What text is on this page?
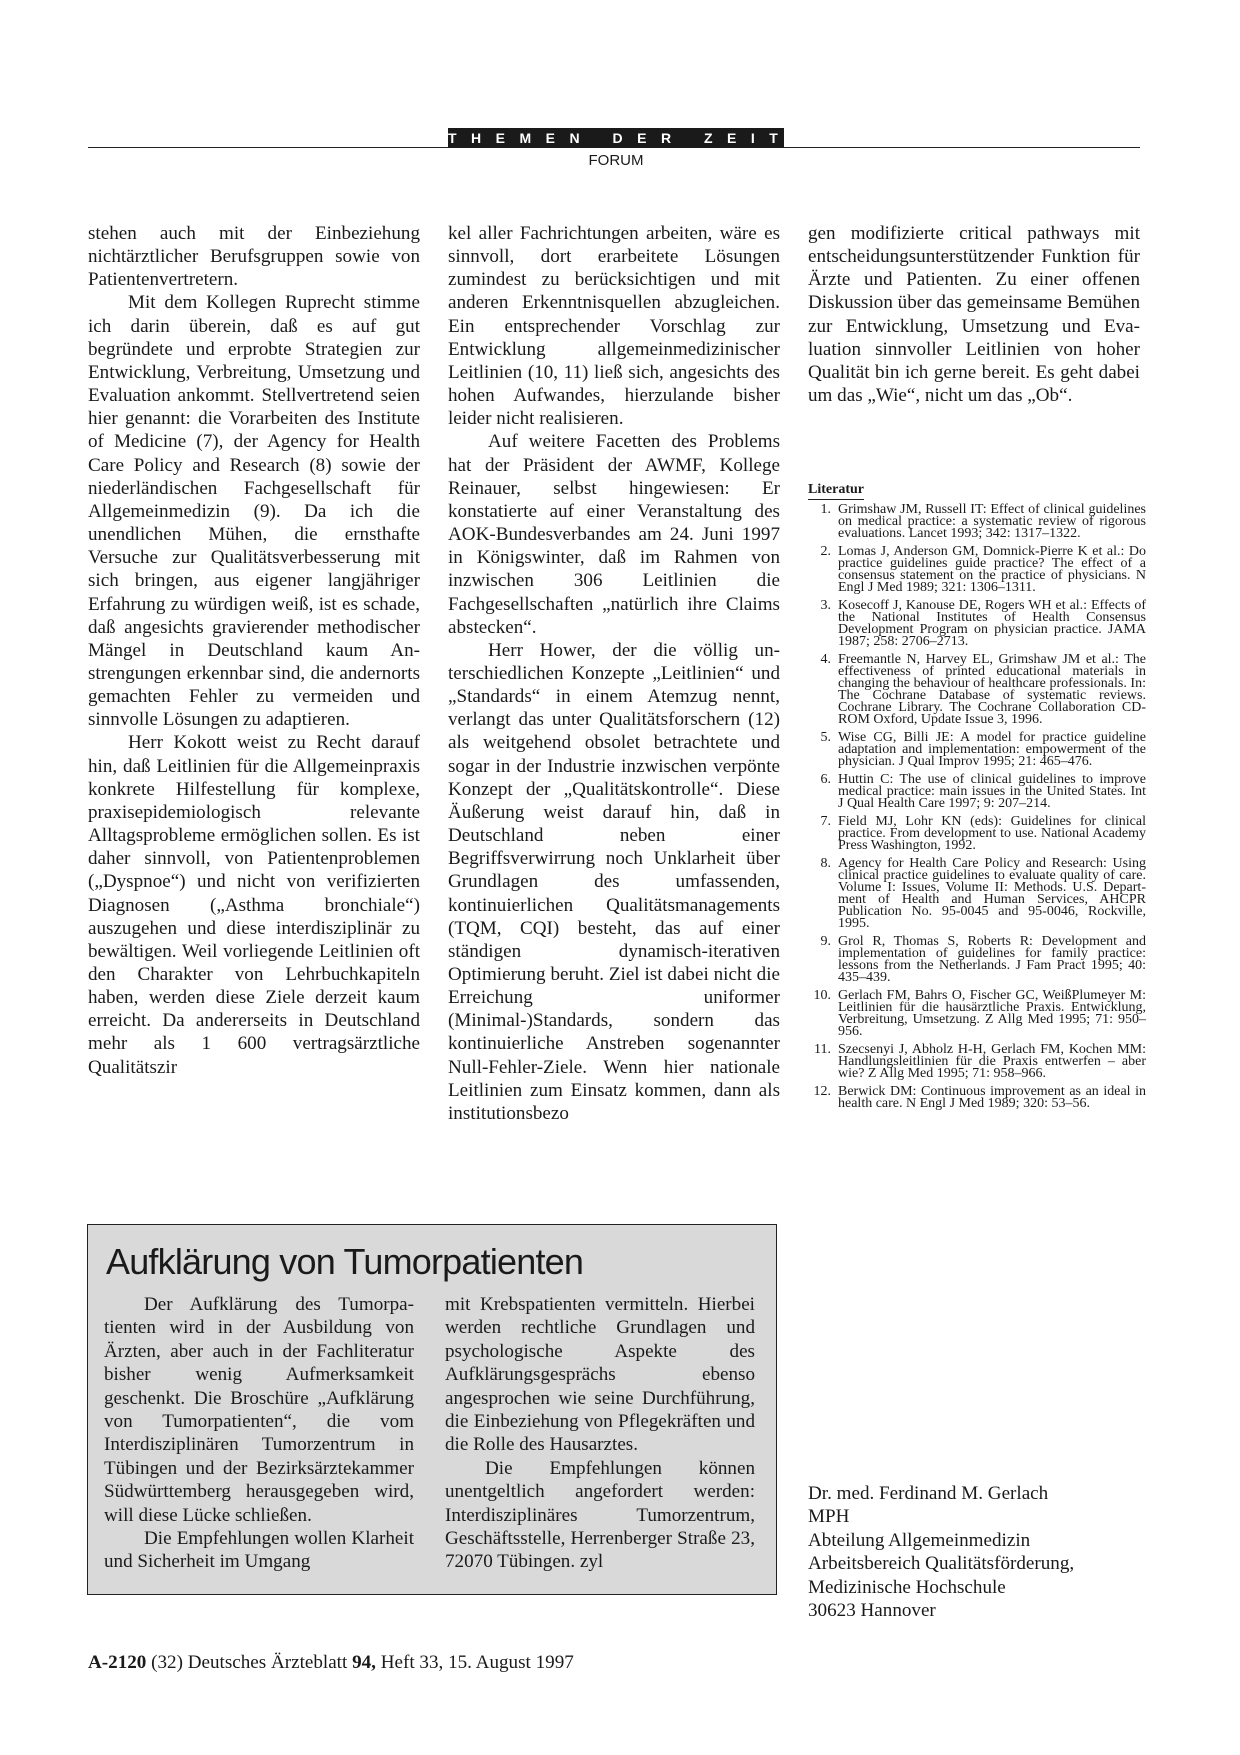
THEMEN DER ZEIT
FORUM

stehen auch mit der Einbeziehung nichtärztlicher Berufsgruppen sowie von Patientenvertretern.

Mit dem Kollegen Ruprecht stimme ich darin überein, daß es auf gut begründete und erprobte Strategien zur Entwicklung, Verbreitung, Umsetzung und Evaluation ankommt. Stellvertretend seien hier genannt: die Vorarbeiten des Institute of Medicine (7), der Agency for Health Care Policy and Research (8) sowie der niederländischen Fachgesellschaft für Allgemeinmedizin (9). Da ich die unendlichen Mühen, die ernsthafte Versuche zur Qualitätsverbesserung mit sich bringen, aus eigener langjähriger Erfahrung zu würdigen weiß, ist es schade, daß angesichts gravierender methodischer Mängel in Deutschland kaum Anstrengungen erkennbar sind, die andernorts gemachten Fehler zu vermeiden und sinnvolle Lösungen zu adaptieren.

Herr Kokott weist zu Recht darauf hin, daß Leitlinien für die Allgemeinpraxis konkrete Hilfestellung für komplexe, praxisepidemiologisch relevante Alltagsprobleme ermöglichen sollen. Es ist daher sinnvoll, von Patientenproblemen („Dyspnoe“) und nicht von verifizierten Diagnosen („Asthma bronchiale“) auszugehen und diese interdisziplinär zu bewältigen. Weil vorliegende Leitlinien oft den Charakter von Lehrbuchkapiteln haben, werden diese Ziele derzeit kaum erreicht. Da andererseits in Deutschland mehr als 1 600 vertragsärztliche Qualitätszir

kel aller Fachrichtungen arbeiten, wäre es sinnvoll, dort erarbeitete Lösungen zumindest zu berücksichtigen und mit anderen Erkenntnisquellen abzugleichen. Ein entsprechender Vorschlag zur Entwicklung allgemeinmedizinischer Leitlinien (10, 11) ließ sich, angesichts des hohen Aufwandes, hierzulande bisher leider nicht realisieren.

Auf weitere Facetten des Problems hat der Präsident der AWMF, Kollege Reinauer, selbst hingewiesen: Er konstatierte auf einer Veranstaltung des AOK-Bundesverbandes am 24. Juni 1997 in Königswinter, daß im Rahmen von inzwischen 306 Leitlinien die Fachgesellschaften „natürlich ihre Claims abstecken“.

Herr Hower, der die völlig unterschiedlichen Konzepte „Leitlinien“ und „Standards“ in einem Atemzug nennt, verlangt das unter Qualitätsforschern (12) als weitgehend obsolet betrachtete und sogar in der Industrie inzwischen verpönte Konzept der „Qualitätskontrolle“. Diese Äußerung weist darauf hin, daß in Deutschland neben einer Begriffsverwirrung noch Unklarheit über Grundlagen des umfassenden, kontinuierlichen Qualitätsmanagements (TQM, CQI) besteht, das auf einer ständigen dynamisch-iterativen Optimierung beruht. Ziel ist dabei nicht die Erreichung uniformer (Minimal-)Standards, sondern das kontinuierliche Anstreben sogenannter Null-Fehler-Ziele. Wenn hier nationale Leitlinien zum Einsatz kommen, dann als institutionsbezo

gen modifizierte critical pathways mit entscheidungsunterstützender Funktion für Ärzte und Patienten. Zu einer offenen Diskussion über das gemeinsame Bemühen zur Entwicklung, Umsetzung und Evaluation sinnvoller Leitlinien von hoher Qualität bin ich gerne bereit. Es geht dabei um das „Wie“, nicht um das „Ob“.

Literatur
1. Grimshaw JM, Russell IT: Effect of clinical guidelines on medical practice: a systematic review of rigorous evaluations. Lancet 1993; 342: 1317–1322.
2. Lomas J, Anderson GM, Domnick-Pierre K et al.: Do practice guidelines guide practice? The effect of a consensus statement on the practice of physicians. N Engl J Med 1989; 321: 1306–1311.
3. Kosecoff J, Kanouse DE, Rogers WH et al.: Effects of the National Institutes of Health Consensus Development Program on physician practice. JAMA 1987; 258: 2706–2713.
4. Freemantle N, Harvey EL, Grimshaw JM et al.: The effectiveness of printed educational materials in changing the behaviour of healthcare professionals. In: The Cochrane Database of systematic reviews. Cochrane Library. The Cochrane Collaboration CD-ROM Oxford, Update Issue 3, 1996.
5. Wise CG, Billi JE: A model for practice guideline adaptation and implementation: empowerment of the physician. J Qual Improv 1995; 21: 465–476.
6. Huttin C: The use of clinical guidelines to improve medical practice: main issues in the United States. Int J Qual Health Care 1997; 9: 207–214.
7. Field MJ, Lohr KN (eds): Guidelines for clinical practice. From development to use. National Academy Press Washington, 1992.
8. Agency for Health Care Policy and Research: Using clinical practice guidelines to evaluate quality of care. Volume I: Issues, Volume II: Methods. U.S. Department of Health and Human Services, AHCPR Publication No. 95-0045 and 95-0046, Rockville, 1995.
9. Grol R, Thomas S, Roberts R: Development and implementation of guidelines for family practice: lessons from the Netherlands. J Fam Pract 1995; 40: 435–439.
10. Gerlach FM, Bahrs O, Fischer GC, WeißPlumeyer M: Leitlinien für die hausärztliche Praxis. Entwicklung, Verbreitung, Umsetzung. Z Allg Med 1995; 71: 950–956.
11. Szecsenyi J, Abholz H-H, Gerlach FM, Kochen MM: Handlungsleitlinien für die Praxis entwerfen – aber wie? Z Allg Med 1995; 71: 958–966.
12. Berwick DM: Continuous improvement as an ideal in health care. N Engl J Med 1989; 320: 53–56.
Dr. med. Ferdinand M. Gerlach
MPH
Abteilung Allgemeinmedizin
Arbeitsbereich Qualitätsförderung,
Medizinische Hochschule
30623 Hannover
Aufklärung von Tumorpatienten

Der Aufklärung des Tumorpatienten wird in der Ausbildung von Ärzten, aber auch in der Fachliteratur bisher wenig Aufmerksamkeit geschenkt. Die Broschüre „Aufklärung von Tumorpatienten“, die vom Interdisziplinären Tumorzentrum in Tübingen und der Bezirksärztekammer Südwürttemberg herausgegeben wird, will diese Lücke schließen.

Die Empfehlungen wollen Klarheit und Sicherheit im Umgang

mit Krebspatienten vermitteln. Hierbei werden rechtliche Grundlagen und psychologische Aspekte des Aufklärungsgesprächs ebenso angesprochen wie seine Durchführung, die Einbeziehung von Pflegekräften und die Rolle des Hausarztes.

Die Empfehlungen können unentgeltlich angefordert werden: Interdisziplinäres Tumorzentrum, Geschäftsstelle, Herrenberger Straße 23, 72070 Tübingen. zyl

A-2120 (32) Deutsches Ärzteblatt 94, Heft 33, 15. August 1997
